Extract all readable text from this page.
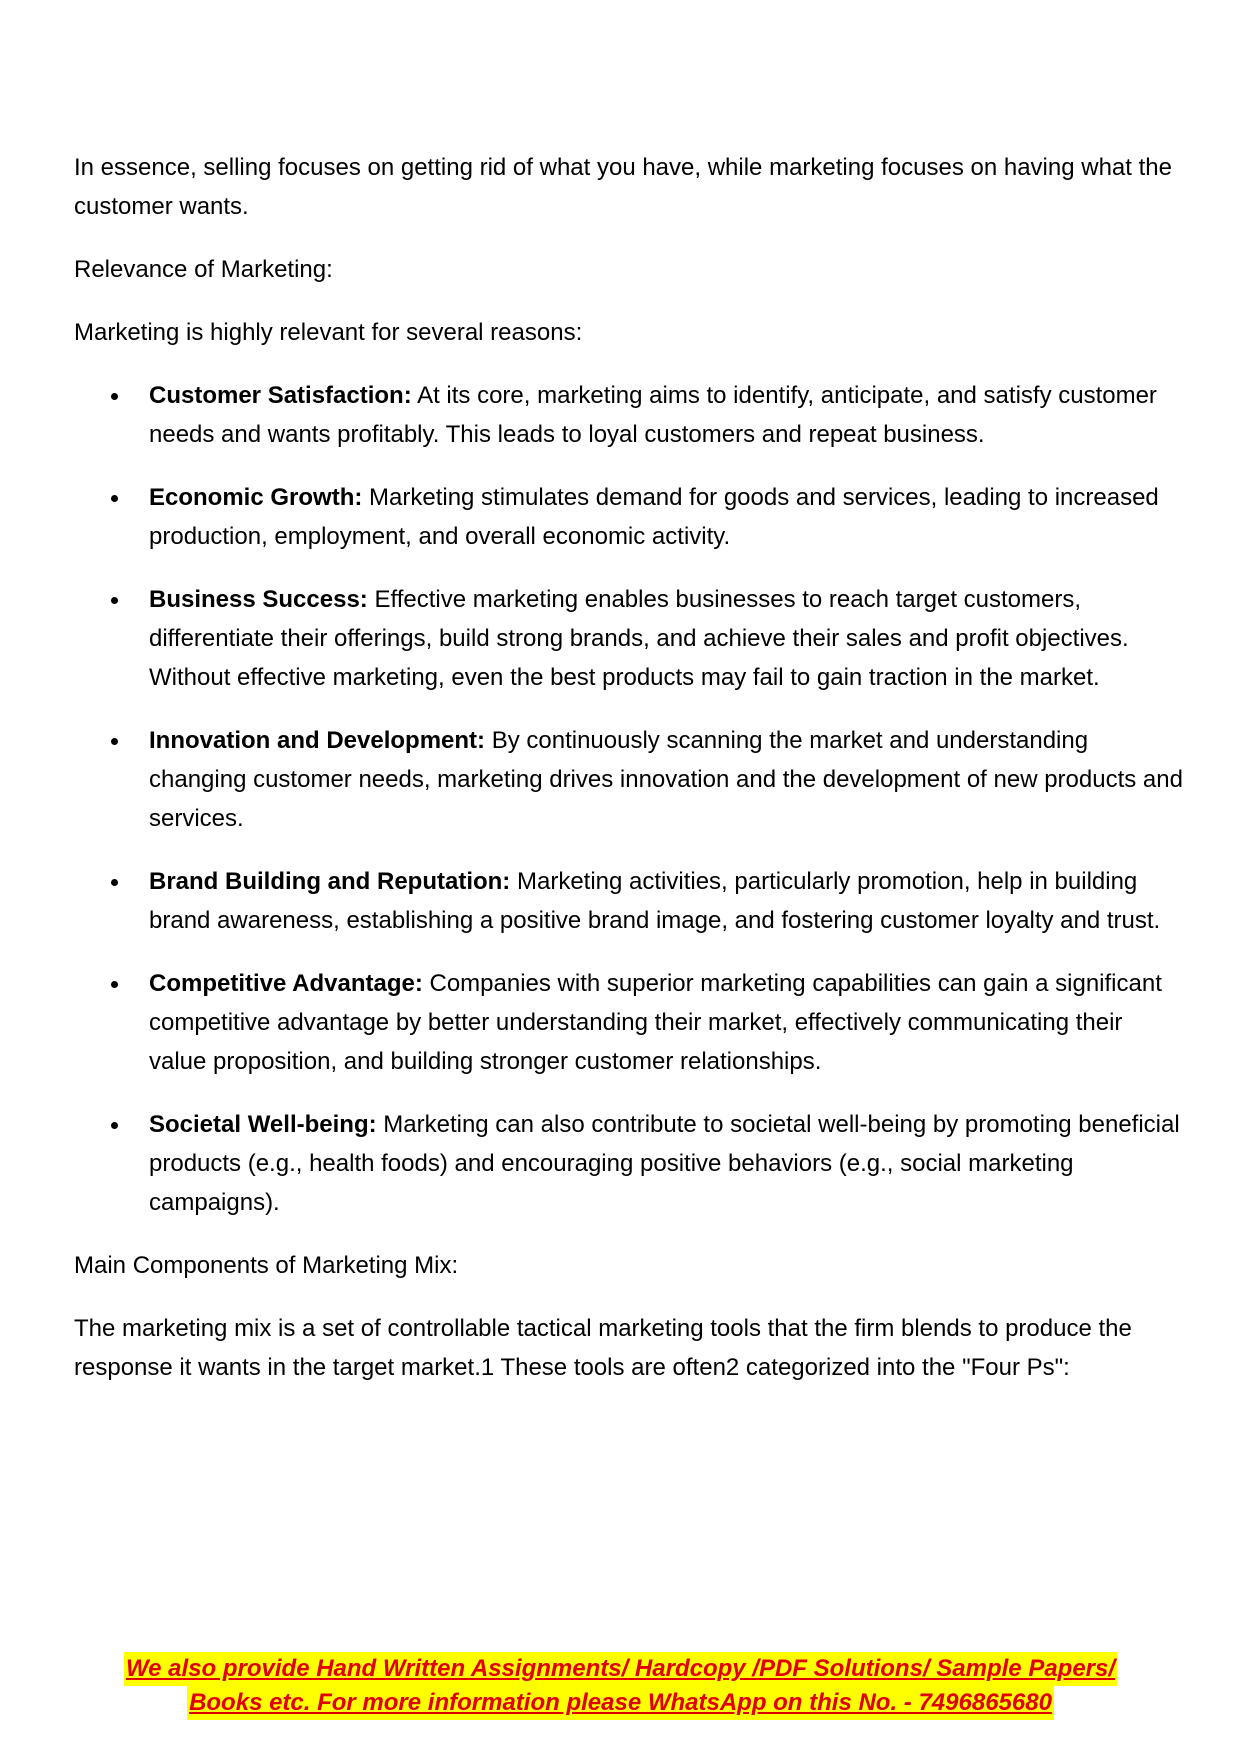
In essence, selling focuses on getting rid of what you have, while marketing focuses on having what the customer wants.

Relevance of Marketing:

Marketing is highly relevant for several reasons:

Customer Satisfaction: At its core, marketing aims to identify, anticipate, and satisfy customer needs and wants profitably. This leads to loyal customers and repeat business.
Economic Growth: Marketing stimulates demand for goods and services, leading to increased production, employment, and overall economic activity.
Business Success: Effective marketing enables businesses to reach target customers, differentiate their offerings, build strong brands, and achieve their sales and profit objectives. Without effective marketing, even the best products may fail to gain traction in the market.
Innovation and Development: By continuously scanning the market and understanding changing customer needs, marketing drives innovation and the development of new products and services.
Brand Building and Reputation: Marketing activities, particularly promotion, help in building brand awareness, establishing a positive brand image, and fostering customer loyalty and trust.
Competitive Advantage: Companies with superior marketing capabilities can gain a significant competitive advantage by better understanding their market, effectively communicating their value proposition, and building stronger customer relationships.
Societal Well-being: Marketing can also contribute to societal well-being by promoting beneficial products (e.g., health foods) and encouraging positive behaviors (e.g., social marketing campaigns).

Main Components of Marketing Mix:

The marketing mix is a set of controllable tactical marketing tools that the firm blends to produce the response it wants in the target market.1 These tools are often2 categorized into the "Four Ps":

We also provide Hand Written Assignments/ Hardcopy /PDF Solutions/ Sample Papers/
Books etc. For more information please WhatsApp on this No. - 7496865680
